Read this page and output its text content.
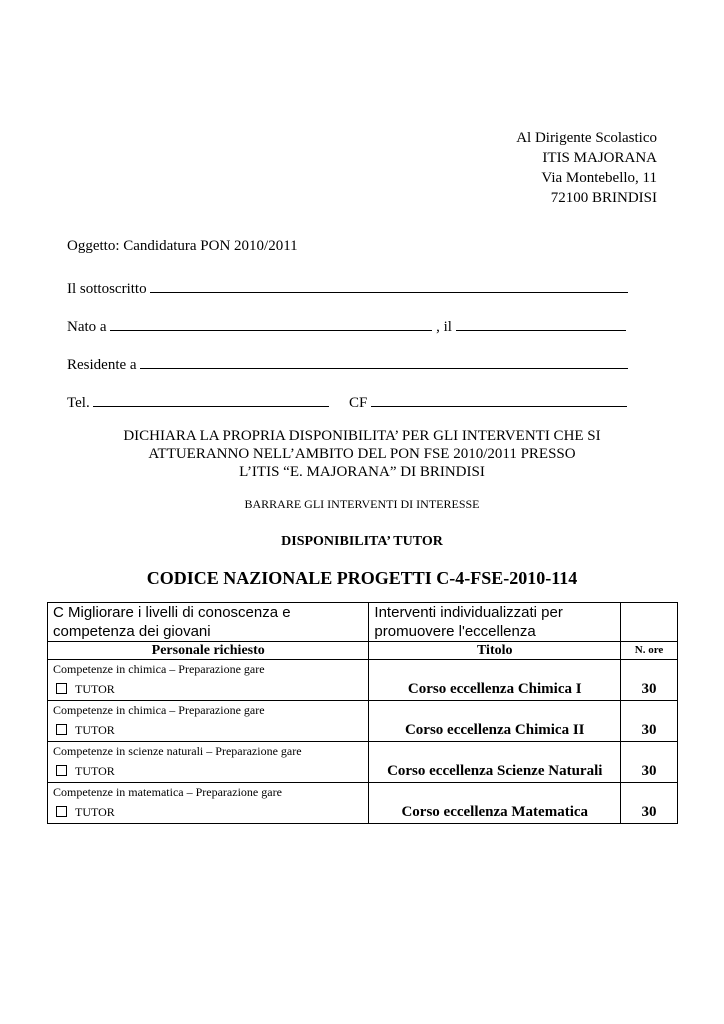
Al Dirigente Scolastico
ITIS MAJORANA
Via Montebello, 11
72100 BRINDISI
Oggetto: Candidatura PON 2010/2011
Il sottoscritto
Nato a	, il
Residente a
Tel.	CF
DICHIARA LA PROPRIA DISPONIBILITA’ PER GLI INTERVENTI CHE SI
ATTUERANNO NELL’AMBITO DEL PON FSE 2010/2011 PRESSO
L’ITIS “E. MAJORANA” DI BRINDISI
BARRARE GLI INTERVENTI DI INTERESSE
DISPONIBILITA’ TUTOR
CODICE NAZIONALE PROGETTI C-4-FSE-2010-114
C Migliorare i livelli di conoscenza e competenza dei giovani	Interventi individualizzati per promuovere l'eccellenza	
Personale richiesto	Titolo	N. ore

Competenze in chimica – Preparazione gare
TUTOR	Corso eccellenza Chimica I	30

Competenze in chimica – Preparazione gare
TUTOR	Corso eccellenza Chimica II	30

Competenze in scienze naturali – Preparazione gare
TUTOR	Corso eccellenza Scienze Naturali	30

Competenze in matematica – Preparazione gare
TUTOR	Corso eccellenza Matematica	30
